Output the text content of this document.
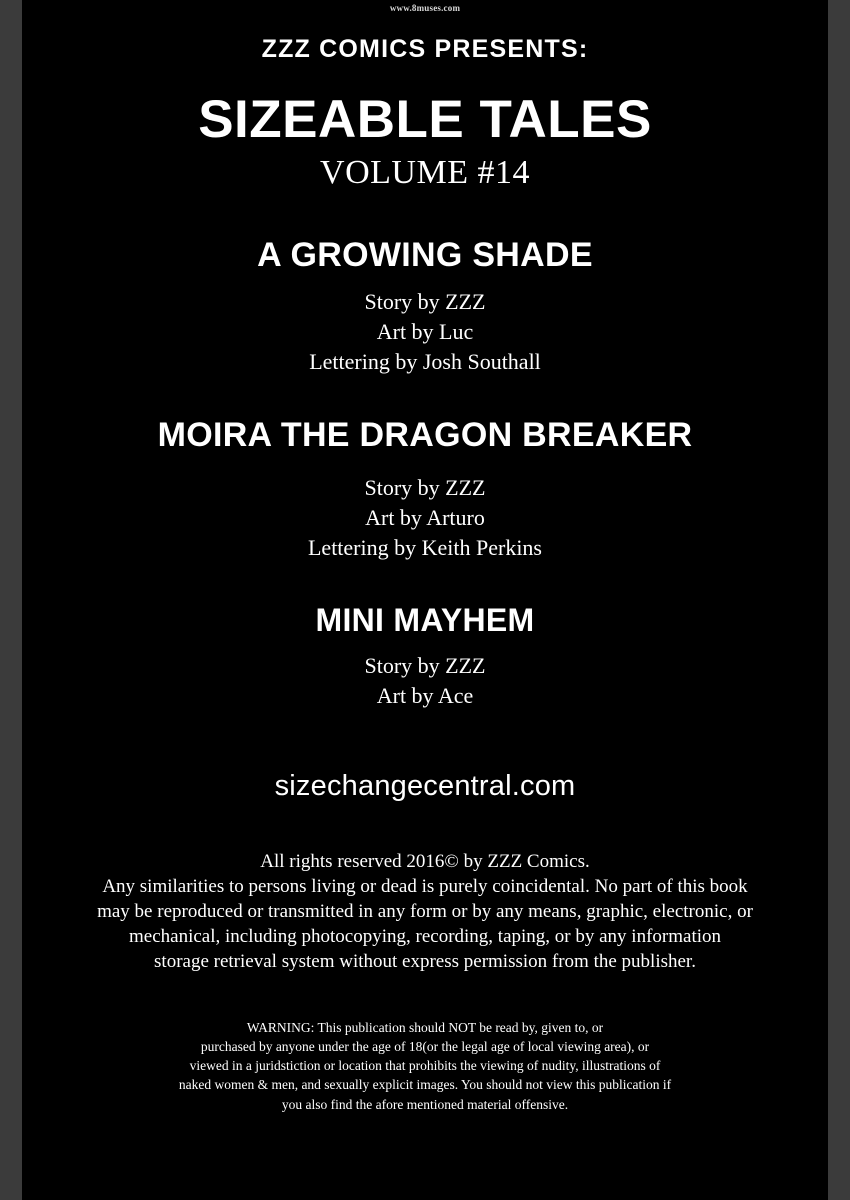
www.8muses.com
ZZZ COMICS PRESENTS:
SIZEABLE TALES
VOLUME #14
A GROWING SHADE
Story by ZZZ
Art by Luc
Lettering by Josh Southall
MOIRA THE DRAGON BREAKER
Story by ZZZ
Art by Arturo
Lettering by Keith Perkins
MINI MAYHEM
Story by ZZZ
Art by Ace
sizechangecentral.com
All rights reserved 2016© by ZZZ Comics.
Any similarities to persons living or dead is purely coincidental. No part of this book
may be reproduced or transmitted in any form or by any means, graphic, electronic, or
mechanical, including photocopying, recording, taping, or by any information
storage retrieval system without express permission from the publisher.
WARNING: This publication should NOT be read by, given to, or
purchased by anyone under the age of 18(or the legal age of local viewing area), or
viewed in a juridstiction or location that prohibits the viewing of nudity, illustrations of
naked women & men, and sexually explicit images. You should not view this publication if
you also find the afore mentioned material offensive.
